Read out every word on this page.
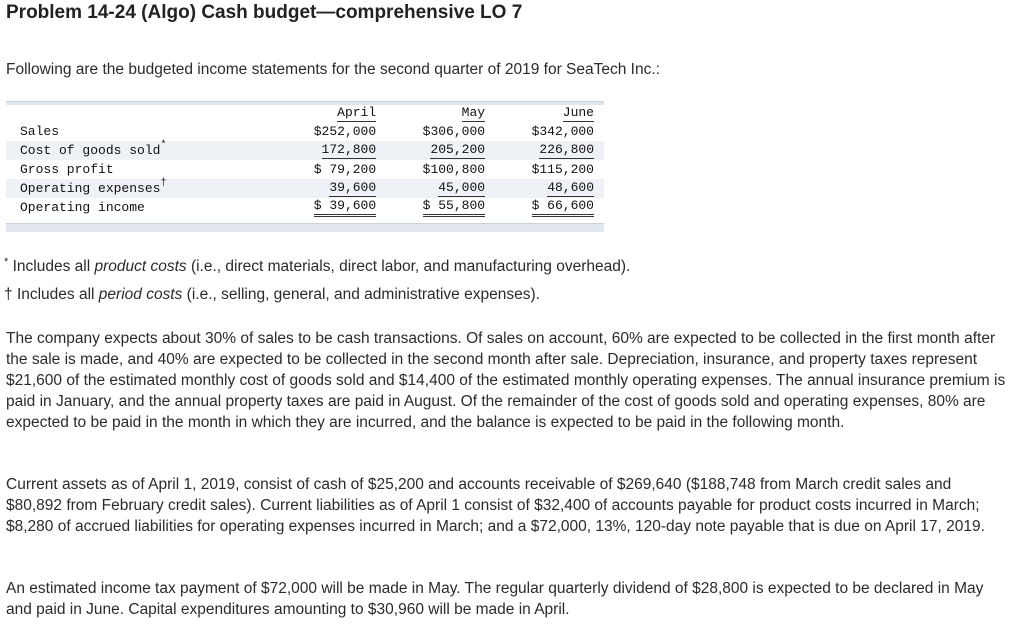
Problem 14-24 (Algo) Cash budget—comprehensive LO 7
Following are the budgeted income statements for the second quarter of 2019 for SeaTech Inc.:
	April	May	June
Sales	$252,000	$306,000	$342,000
Cost of goods sold*	172,800	205,200	226,800
Gross profit	$ 79,200	$100,800	$115,200
Operating expenses†	39,600	45,000	48,600
Operating income	$ 39,600	$ 55,800	$ 66,600
* Includes all product costs (i.e., direct materials, direct labor, and manufacturing overhead).
† Includes all period costs (i.e., selling, general, and administrative expenses).
The company expects about 30% of sales to be cash transactions. Of sales on account, 60% are expected to be collected in the first month after the sale is made, and 40% are expected to be collected in the second month after sale. Depreciation, insurance, and property taxes represent $21,600 of the estimated monthly cost of goods sold and $14,400 of the estimated monthly operating expenses. The annual insurance premium is paid in January, and the annual property taxes are paid in August. Of the remainder of the cost of goods sold and operating expenses, 80% are expected to be paid in the month in which they are incurred, and the balance is expected to be paid in the following month.
Current assets as of April 1, 2019, consist of cash of $25,200 and accounts receivable of $269,640 ($188,748 from March credit sales and $80,892 from February credit sales). Current liabilities as of April 1 consist of $32,400 of accounts payable for product costs incurred in March; $8,280 of accrued liabilities for operating expenses incurred in March; and a $72,000, 13%, 120-day note payable that is due on April 17, 2019.
An estimated income tax payment of $72,000 will be made in May. The regular quarterly dividend of $28,800 is expected to be declared in May and paid in June. Capital expenditures amounting to $30,960 will be made in April.
